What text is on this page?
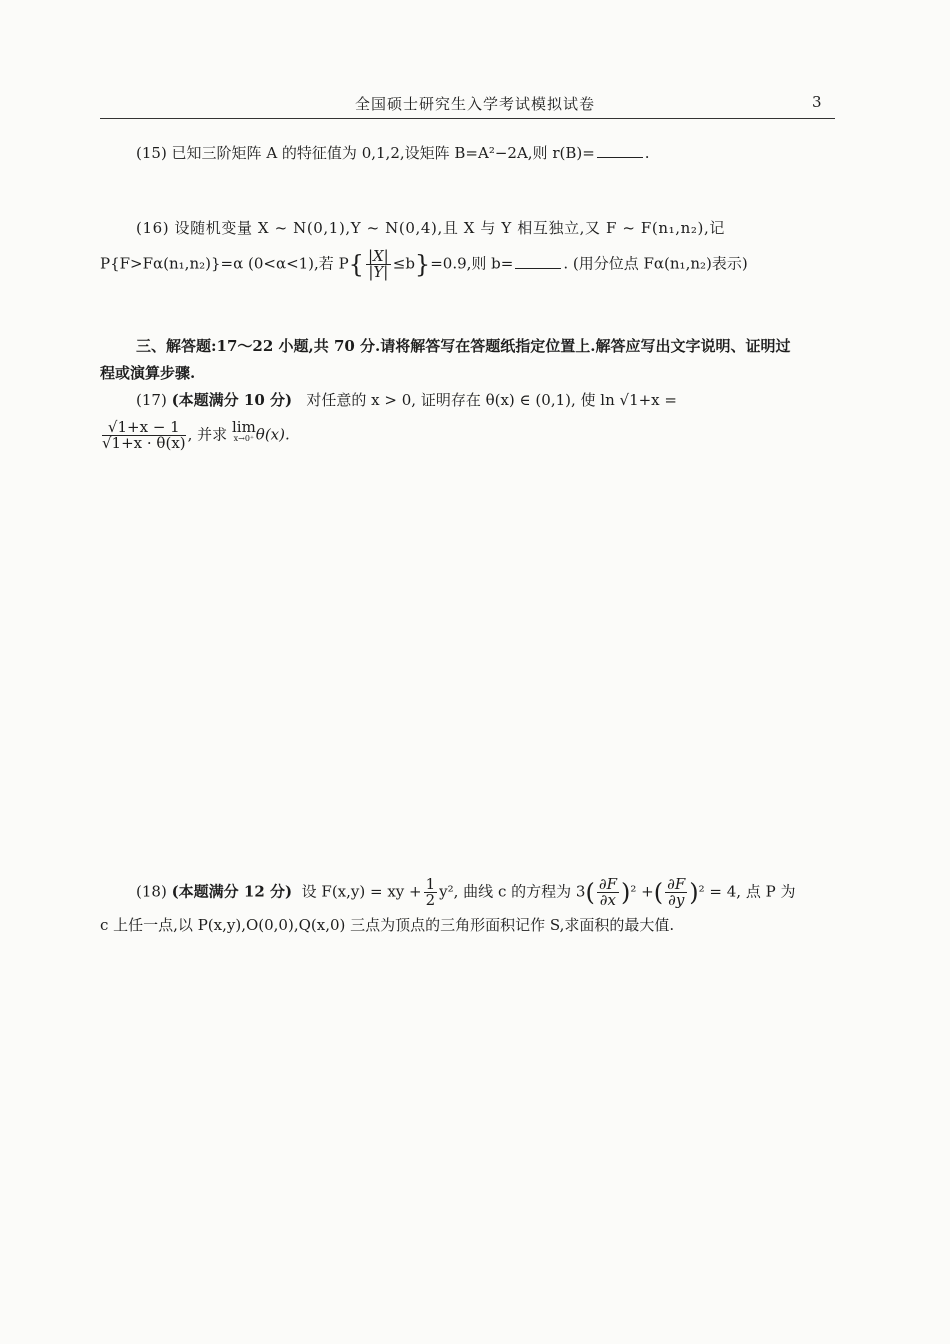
全国硕士研究生入学考试模拟试卷	3
(15) 已知三阶矩阵 A 的特征值为 0,1,2,设矩阵 B=A²−2A,则 r(B)=	.
(16) 设随机变量 X ~ N(0,1),Y ~ N(0,4),且 X 与 Y 相互独立,又 F ~ F(n₁,n₂),记
P{F>Fα(n₁,n₂)}=α (0<α<1),若 $P\{ \frac{|X|}{|Y|} \le b\}=0.9$,则 b=	. (用分位点 Fα(n₁,n₂)表示)
三、解答题:17～22 小题,共 70 分.请将解答写在答题纸指定位置上.解答应写出文字说明、证明过
程或演算步骤.
(17) (本题满分 10 分) 对任意的 x > 0, 证明存在 θ(x) ∈ (0,1), 使 ln √1+x =
$\frac{√1+x - 1}{√1+x \cdot \theta(x)}$ , 并求 lim
x→0⁺ θ(x).
(18) (本题满分 12 分) 设 F(x,y) = xy + $\frac{1}{2} y^2$, 曲线 c 的方程为 $3( \frac{\partial F}{\partial x} )^2$ +( $\frac{\partial F}{\partial y} )^2 = 4$, 点 P 为
c 上任一点,以 P(x,y),O(0,0),Q(x,0) 三点为顶点的三角形面积记作 S,求面积的最大值.
